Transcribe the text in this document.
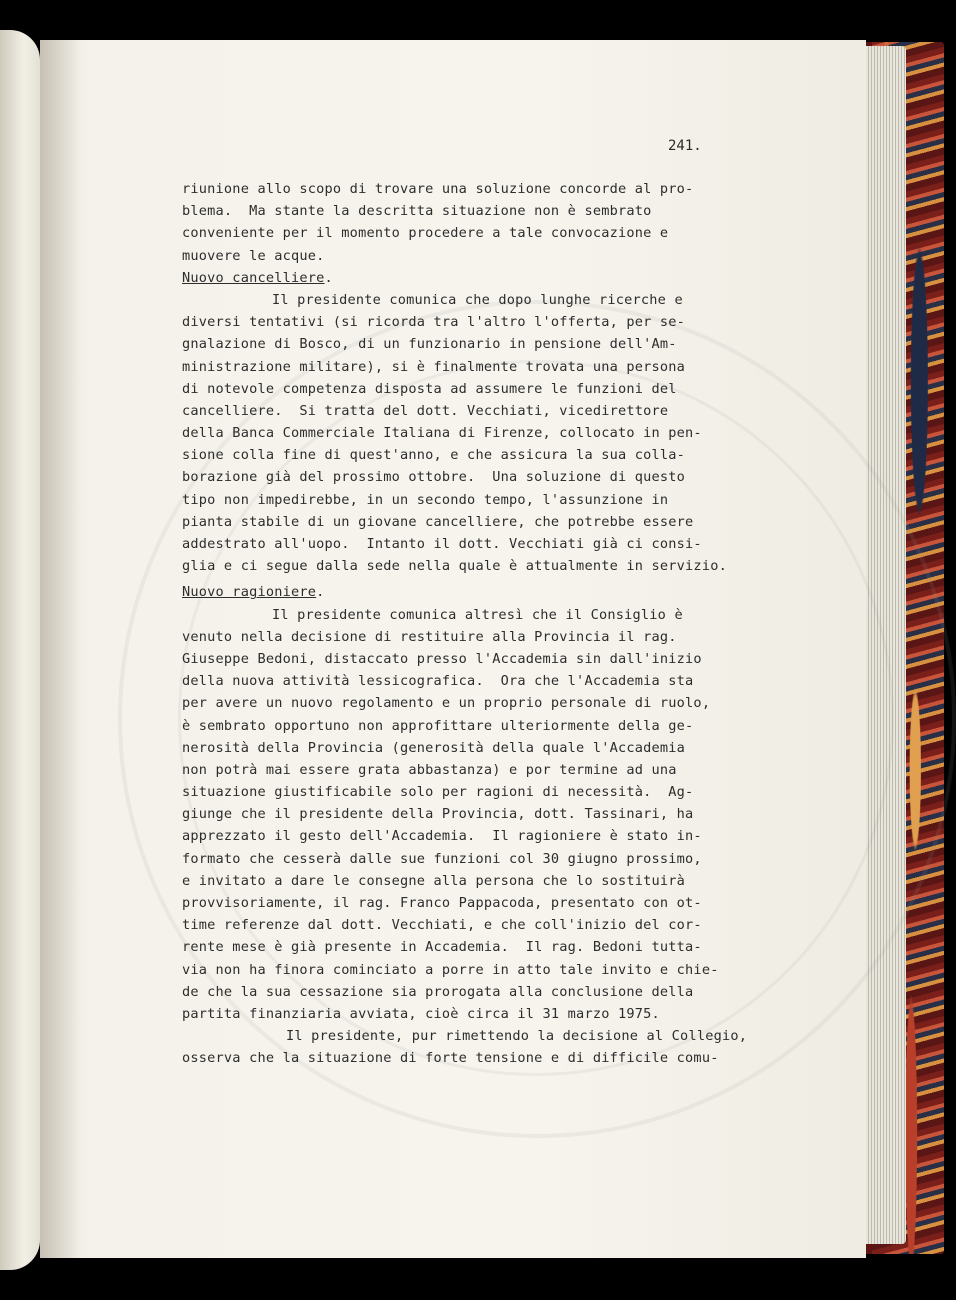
241.
riunione allo scopo di trovare una soluzione concorde al pro-
blema.  Ma stante la descritta situazione non è sembrato
conveniente per il momento procedere a tale convocazione e
muovere le acque.
Nuovo cancelliere.
Il presidente comunica che dopo lunghe ricerche e
diversi tentativi (si ricorda tra l'altro l'offerta, per se-
gnalazione di Bosco, di un funzionario in pensione dell'Am-
ministrazione militare), si è finalmente trovata una persona
di notevole competenza disposta ad assumere le funzioni del
cancelliere.  Si tratta del dott. Vecchiati, vicedirettore
della Banca Commerciale Italiana di Firenze, collocato in pen-
sione colla fine di quest'anno, e che assicura la sua colla-
borazione già del prossimo ottobre.  Una soluzione di questo
tipo non impedirebbe, in un secondo tempo, l'assunzione in
pianta stabile di un giovane cancelliere, che potrebbe essere
addestrato all'uopo.  Intanto il dott. Vecchiati già ci consi-
glia e ci segue dalla sede nella quale è attualmente in servizio.
Nuovo ragioniere.
Il presidente comunica altresì che il Consiglio è
venuto nella decisione di restituire alla Provincia il rag.
Giuseppe Bedoni, distaccato presso l'Accademia sin dall'inizio
della nuova attività lessicografica.  Ora che l'Accademia sta
per avere un nuovo regolamento e un proprio personale di ruolo,
è sembrato opportuno non approfittare ulteriormente della ge-
nerosità della Provincia (generosità della quale l'Accademia
non potrà mai essere grata abbastanza) e por termine ad una
situazione giustificabile solo per ragioni di necessità.  Ag-
giunge che il presidente della Provincia, dott. Tassinari, ha
apprezzato il gesto dell'Accademia.  Il ragioniere è stato in-
formato che cesserà dalle sue funzioni col 30 giugno prossimo,
e invitato a dare le consegne alla persona che lo sostituirà
provvisoriamente, il rag. Franco Pappacoda, presentato con ot-
time referenze dal dott. Vecchiati, e che coll'inizio del cor-
rente mese è già presente in Accademia.  Il rag. Bedoni tutta-
via non ha finora cominciato a porre in atto tale invito e chie-
de che la sua cessazione sia prorogata alla conclusione della
partita finanziaria avviata, cioè circa il 31 marzo 1975.
Il presidente, pur rimettendo la decisione al Collegio,
osserva che la situazione di forte tensione e di difficile comu-
